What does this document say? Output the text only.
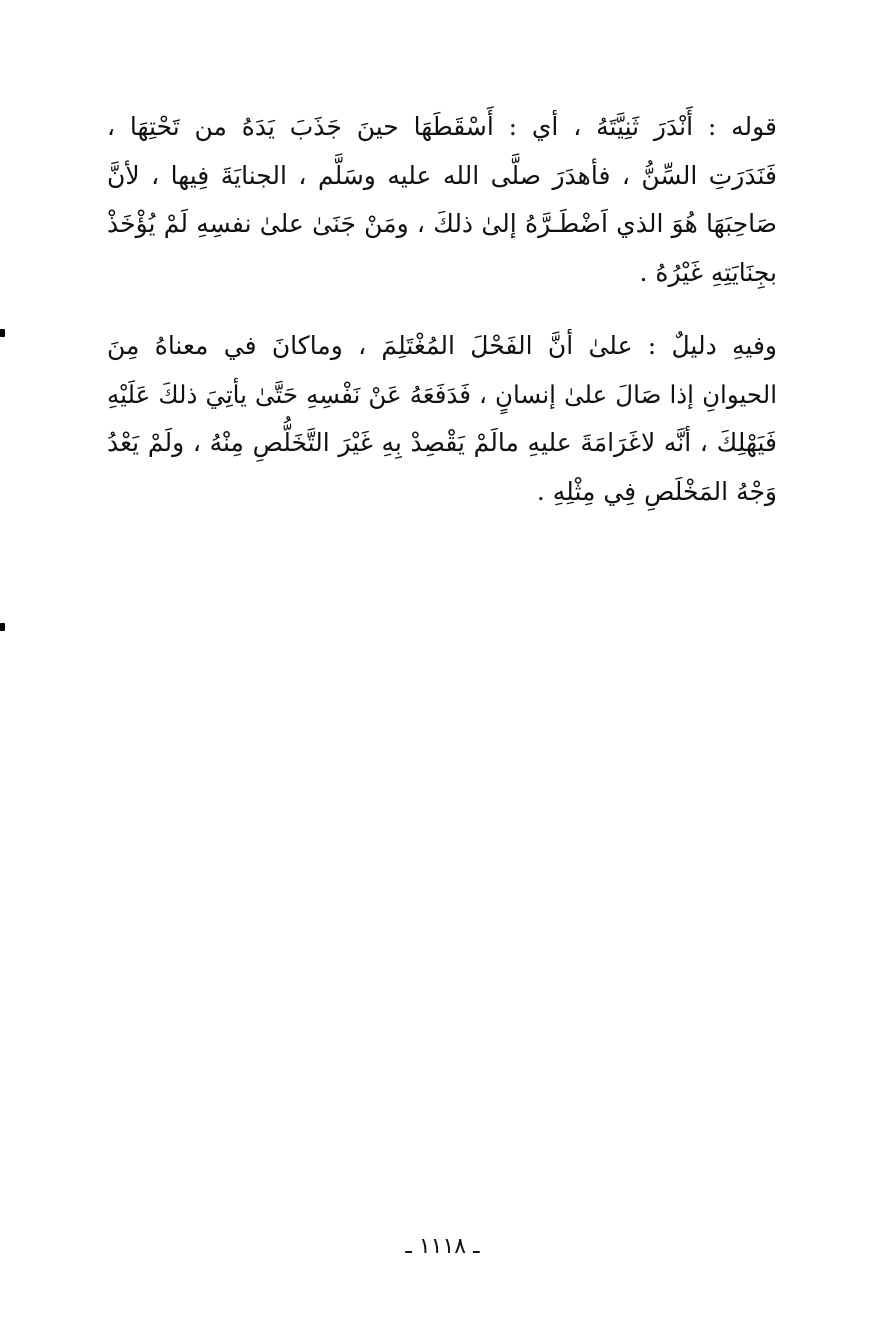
قوله : أَنْدَرَ ثَنِيَّتَهُ ، أي : أَسْقَطَهَا حينَ جَذَبَ يَدَهُ من تَحْتِهَا ،
فَنَدَرَتِ السِّنُّ ، فأهدَرَ صلَّى الله عليه وسَلَّم ، الجنايَةَ فِيها ، لأنَّ
صَاحِبَهَا هُوَ الذي اَضْطَـرَّهُ إلىٰ ذلكَ ، ومَنْ جَنَىٰ علىٰ نفسِهِ لَمْ يُؤْخَذْ
بجِنَايَتِهِ غَيْرُهُ .
وفيهِ دليلٌ : علىٰ أنَّ الفَحْلَ المُغْتَلِمَ ، وماكانَ في معناهُ مِنَ
الحيوانِ إذا صَالَ علىٰ إنسانٍ ، فَدَفَعَهُ عَنْ نَفْسِهِ حَتَّىٰ يأتِيَ ذلكَ عَلَيْهِ
فَيَهْلِكَ ، أنَّه لاغَرَامَةَ عليهِ مالَمْ يَقْصِدْ بِهِ غَيْرَ التَّخَلُّصِ مِنْهُ ، ولَمْ يَعْدُ
وَجْهُ المَخْلَصِ فِي مِثْلِهِ .
ـ ١١١٨ ـ
